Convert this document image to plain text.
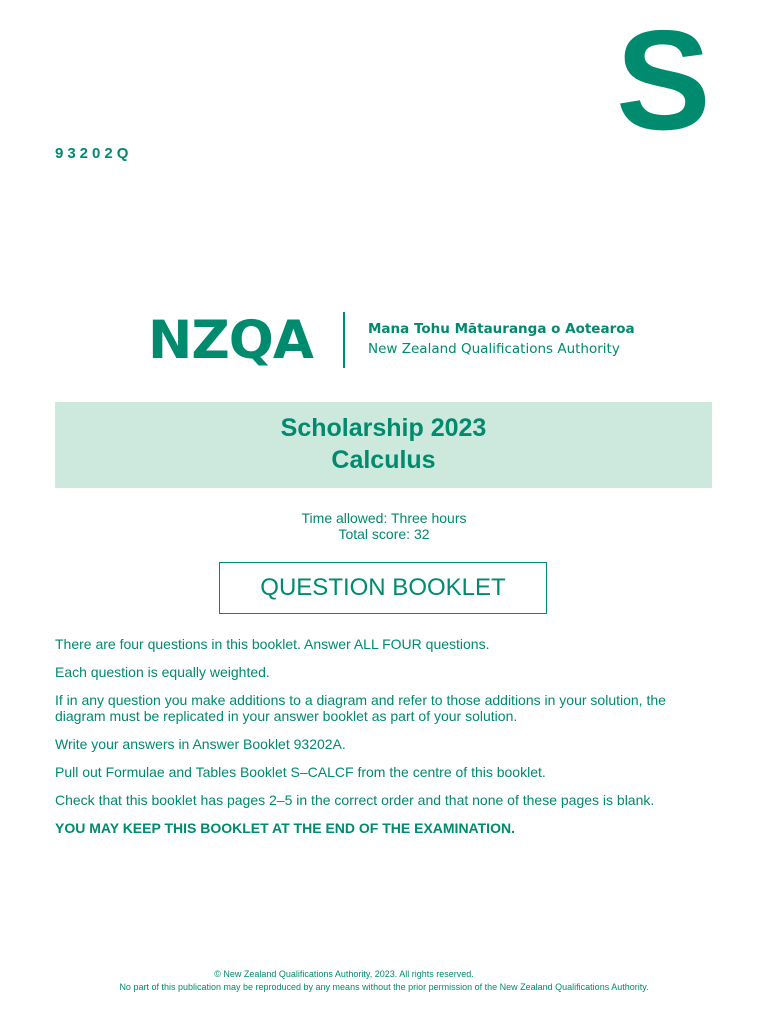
S
93202Q
NZQA	Mana Tohu Mātauranga o Aotearoa
New Zealand Qualifications Authority
Scholarship 2023
Calculus
Time allowed: Three hours
Total score: 32
QUESTION BOOKLET

There are four questions in this booklet. Answer ALL FOUR questions.

Each question is equally weighted.

If in any question you make additions to a diagram and refer to those additions in your solution, the diagram must be replicated in your answer booklet as part of your solution.

Write your answers in Answer Booklet 93202A.

Pull out Formulae and Tables Booklet S–CALCF from the centre of this booklet.

Check that this booklet has pages 2–5 in the correct order and that none of these pages is blank.

YOU MAY KEEP THIS BOOKLET AT THE END OF THE EXAMINATION.

© New Zealand Qualifications Authority, 2023. All rights reserved.
No part of this publication may be reproduced by any means without the prior permission of the New Zealand Qualifications Authority.
